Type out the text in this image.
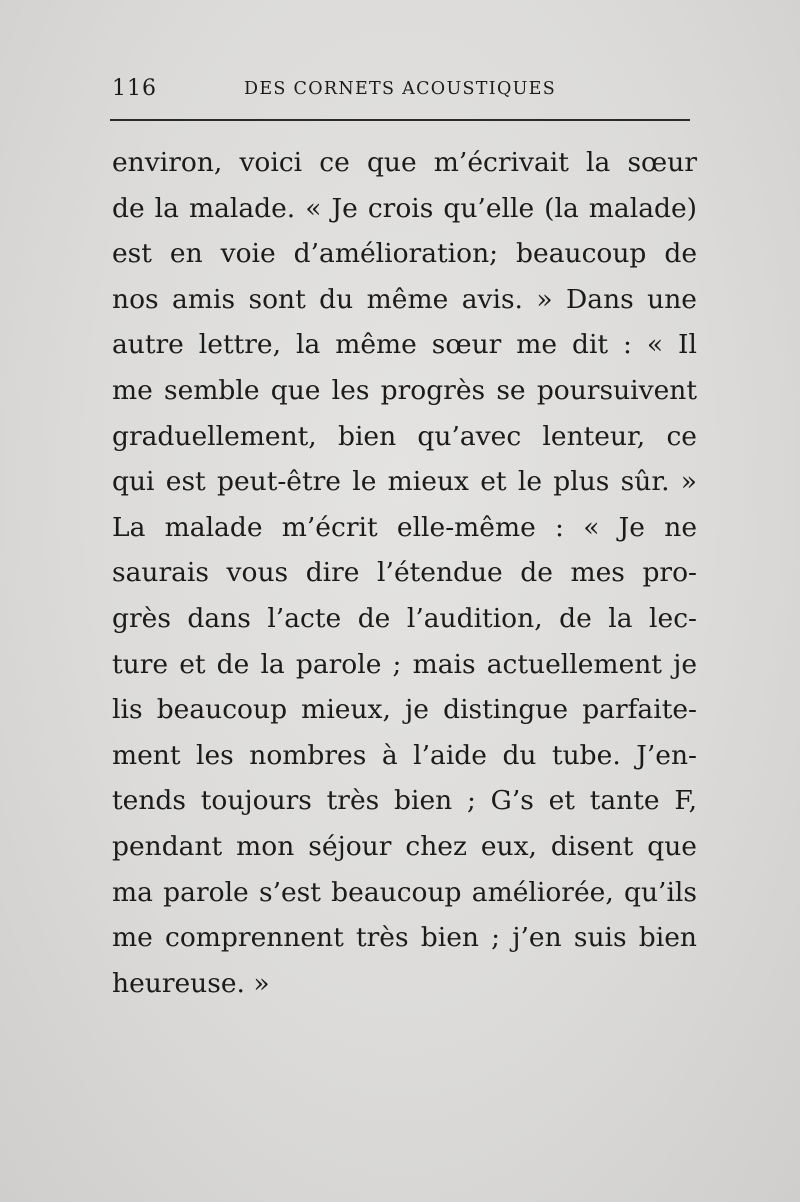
116	DES CORNETS ACOUSTIQUES
environ, voici ce que m’écrivait la sœur
de la malade. « Je crois qu’elle (la malade)
est en voie d’amélioration; beaucoup de
nos amis sont du même avis. » Dans une
autre lettre, la même sœur me dit : « Il
me semble que les progrès se poursuivent
graduellement, bien qu’avec lenteur, ce
qui est peut-être le mieux et le plus sûr. »
La malade m’écrit elle-même : « Je ne
saurais vous dire l’étendue de mes pro-
grès dans l’acte de l’audition, de la lec-
ture et de la parole ; mais actuellement je
lis beaucoup mieux, je distingue parfaite-
ment les nombres à l’aide du tube. J’en-
tends toujours très bien ; G’s et tante F,
pendant mon séjour chez eux, disent que
ma parole s’est beaucoup améliorée, qu’ils
me comprennent très bien ; j’en suis bien
heureuse. »
